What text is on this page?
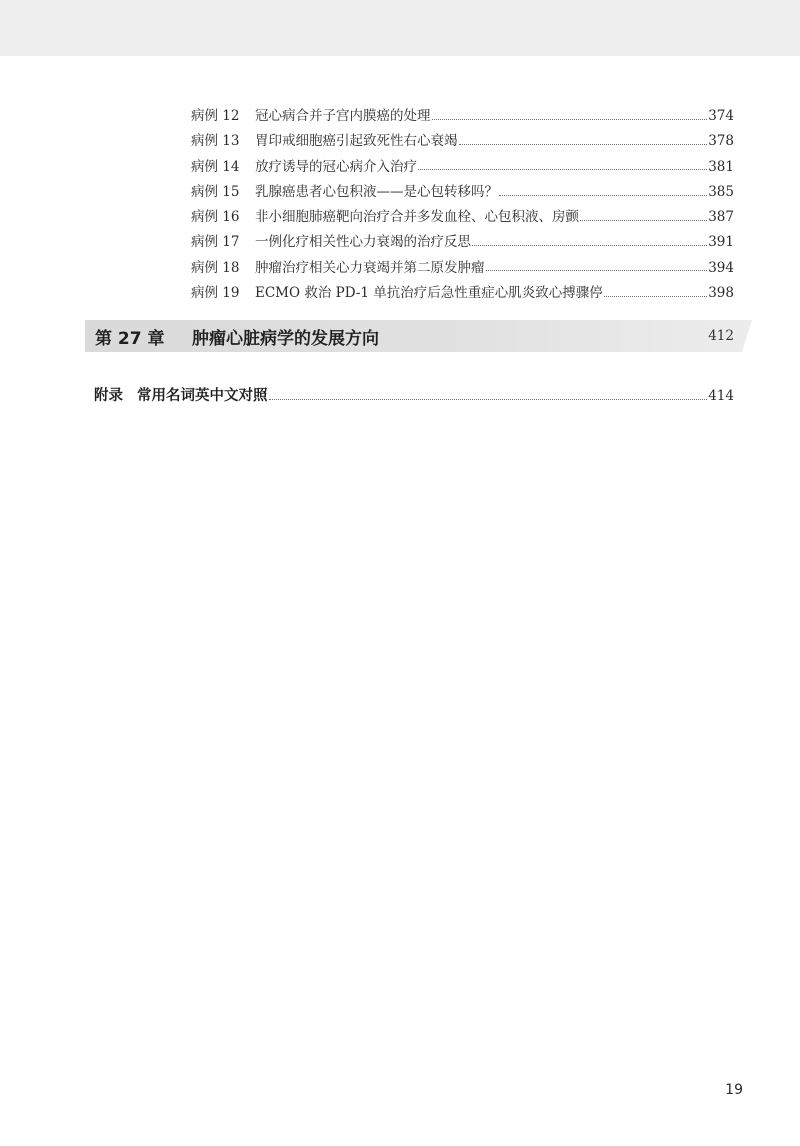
病例 12	冠心病合并子宫内膜癌的处理	374
病例 13	胃印戒细胞癌引起致死性右心衰竭	378
病例 14	放疗诱导的冠心病介入治疗	381
病例 15	乳腺癌患者心包积液——是心包转移吗？	385
病例 16	非小细胞肺癌靶向治疗合并多发血栓、心包积液、房颤	387
病例 17	一例化疗相关性心力衰竭的治疗反思	391
病例 18	肿瘤治疗相关心力衰竭并第二原发肿瘤	394
病例 19	ECMO 救治 PD-1 单抗治疗后急性重症心肌炎致心搏骤停	398
第 27 章 肿瘤心脏病学的发展方向	412
附录 常用名词英中文对照	414
19
